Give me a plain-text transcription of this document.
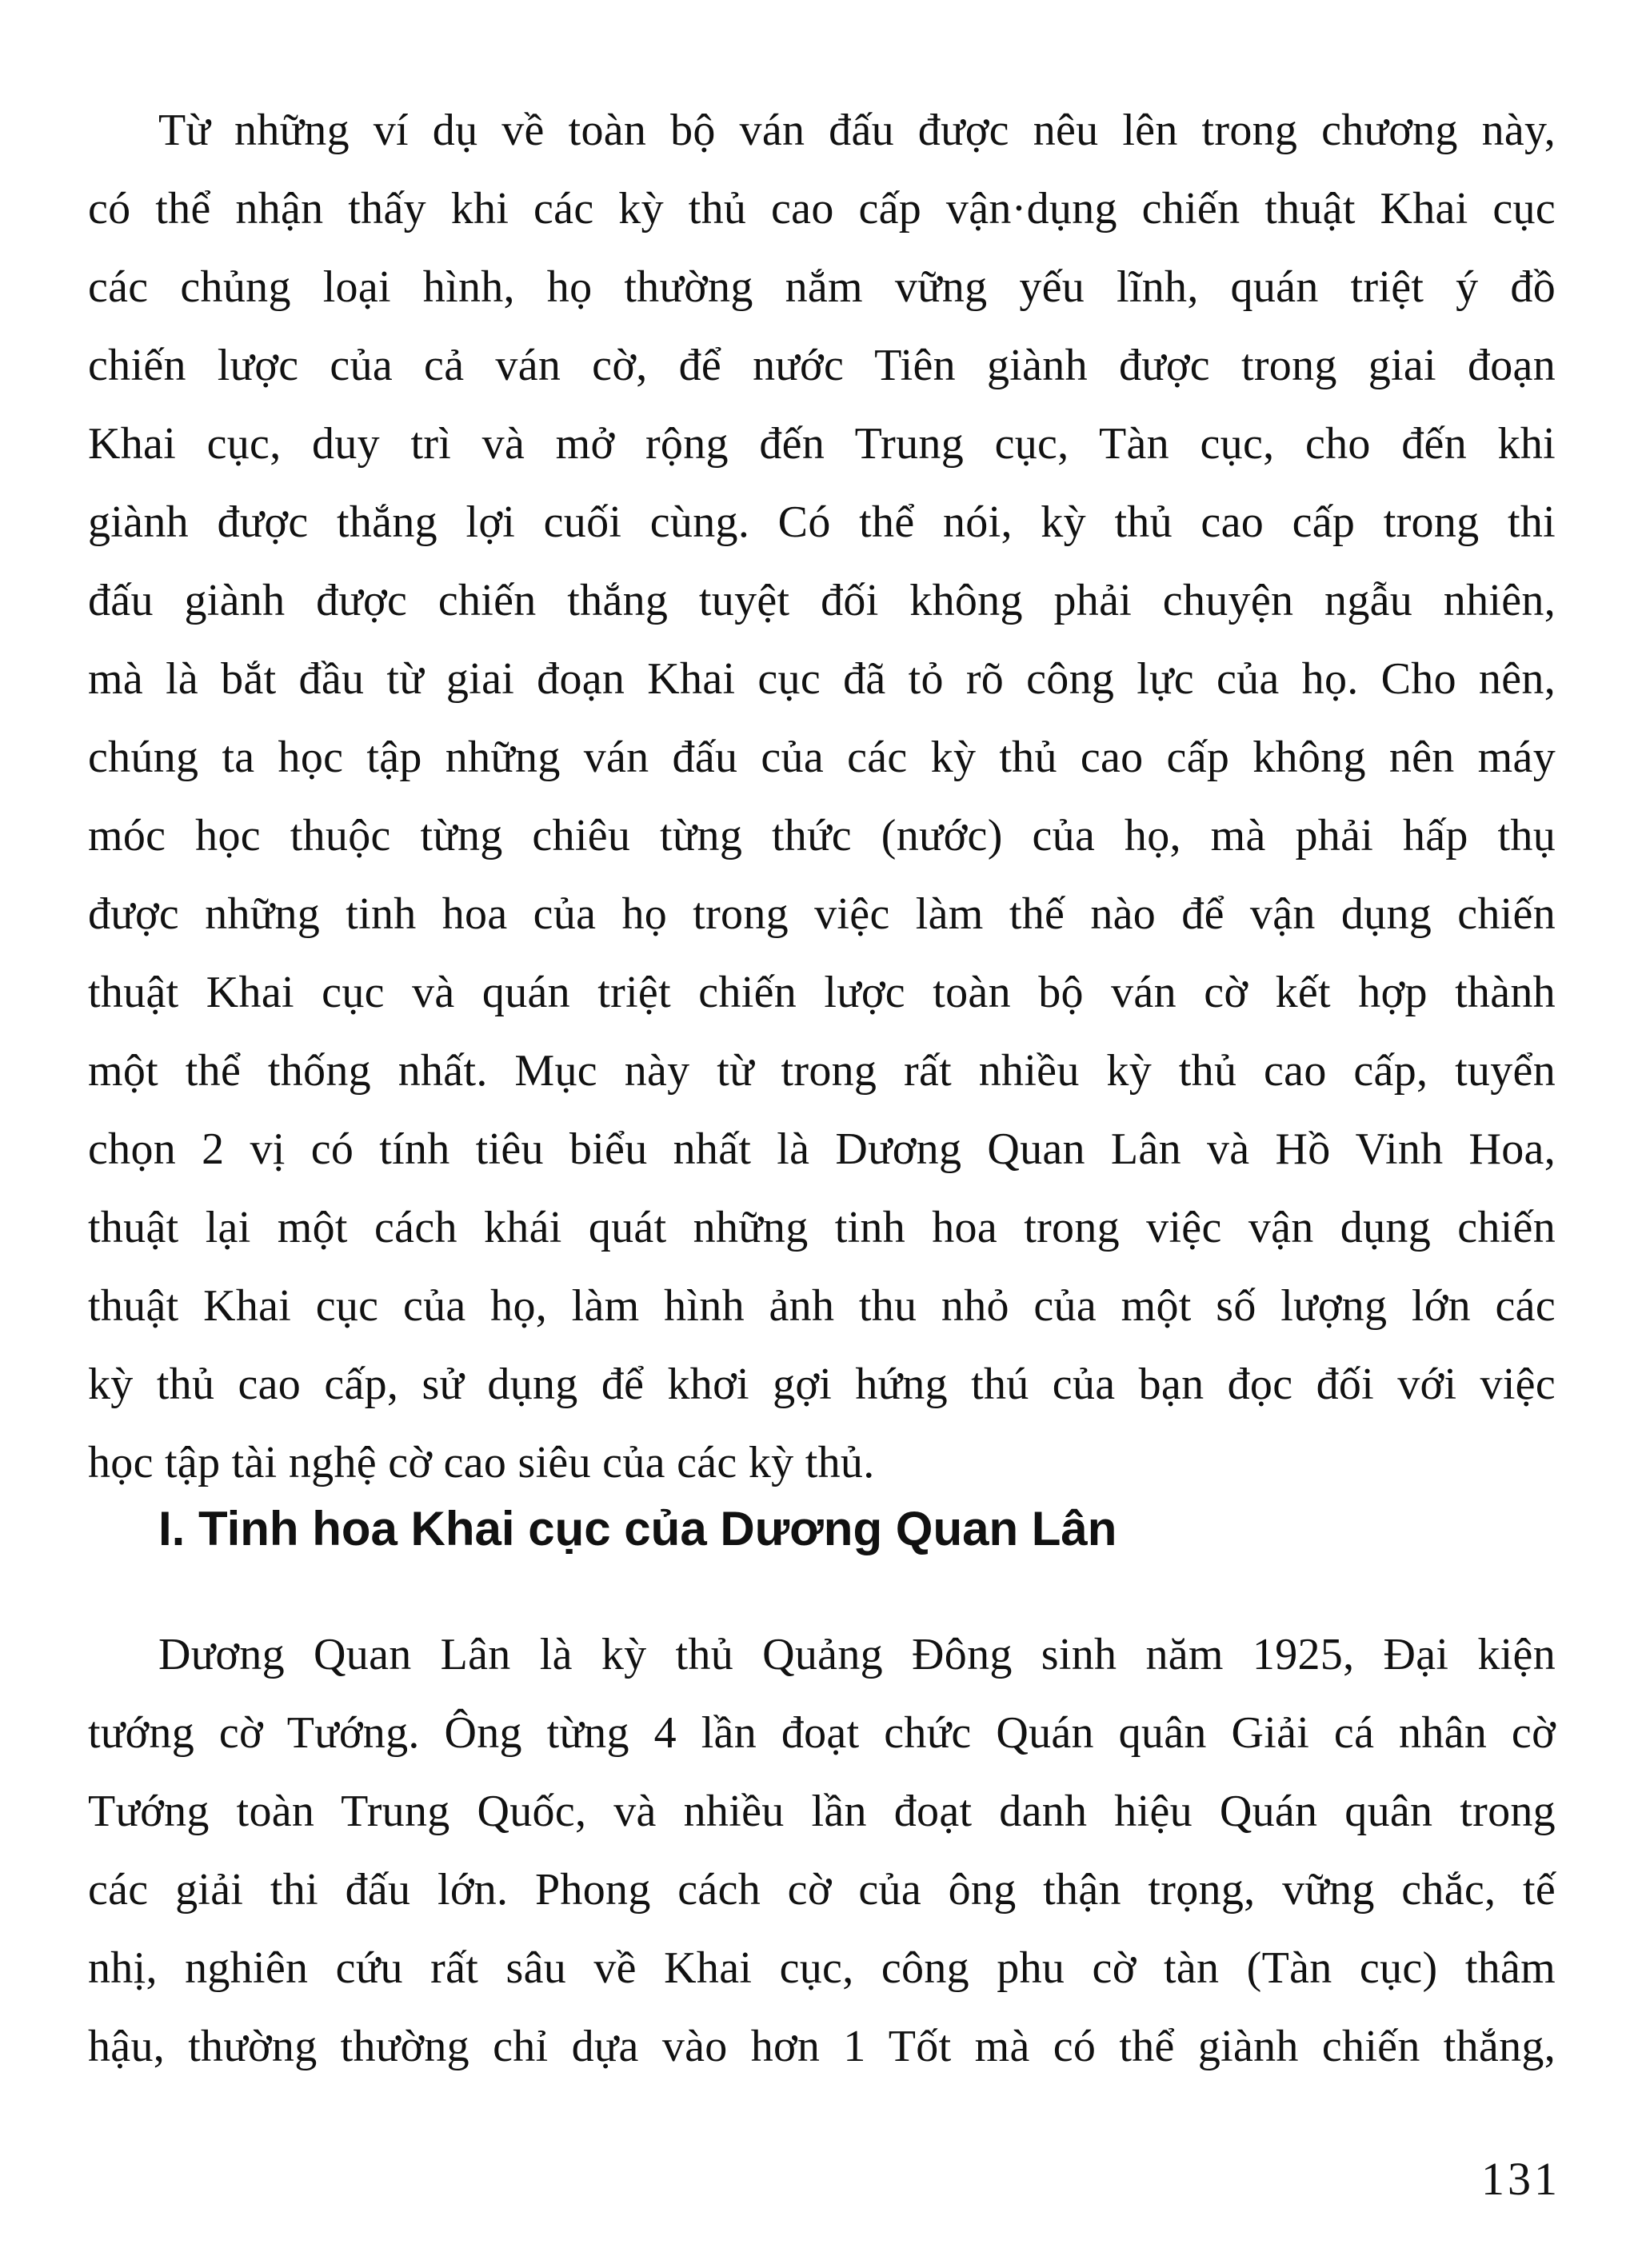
Từ những ví dụ về toàn bộ ván đấu được nêu lên trong chương này,
có thể nhận thấy khi các kỳ thủ cao cấp vận·dụng chiến thuật Khai cục
các chủng loại hình, họ thường nắm vững yếu lĩnh, quán triệt ý đồ
chiến lược của cả ván cờ, để nước Tiên giành được trong giai đoạn
Khai cục, duy trì và mở rộng đến Trung cục, Tàn cục, cho đến khi
giành được thắng lợi cuối cùng. Có thể nói, kỳ thủ cao cấp trong thi
đấu giành được chiến thắng tuyệt đối không phải chuyện ngẫu nhiên,
mà là bắt đầu từ giai đoạn Khai cục đã tỏ rõ công lực của họ. Cho nên,
chúng ta học tập những ván đấu của các kỳ thủ cao cấp không nên máy
móc học thuộc từng chiêu từng thức (nước) của họ, mà phải hấp thụ
được những tinh hoa của họ trong việc làm thế nào để vận dụng chiến
thuật Khai cục và quán triệt chiến lược toàn bộ ván cờ kết hợp thành
một thể thống nhất. Mục này từ trong rất nhiều kỳ thủ cao cấp, tuyển
chọn 2 vị có tính tiêu biểu nhất là Dương Quan Lân và Hồ Vinh Hoa,
thuật lại một cách khái quát những tinh hoa trong việc vận dụng chiến
thuật Khai cục của họ, làm hình ảnh thu nhỏ của một số lượng lớn các
kỳ thủ cao cấp, sử dụng để khơi gợi hứng thú của bạn đọc đối với việc
học tập tài nghệ cờ cao siêu của các kỳ thủ.
I. Tinh hoa Khai cục của Dương Quan Lân
Dương Quan Lân là kỳ thủ Quảng Đông sinh năm 1925, Đại kiện
tướng cờ Tướng. Ông từng 4 lần đoạt chức Quán quân Giải cá nhân cờ
Tướng toàn Trung Quốc, và nhiều lần đoạt danh hiệu Quán quân trong
các giải thi đấu lớn. Phong cách cờ của ông thận trọng, vững chắc, tế
nhị, nghiên cứu rất sâu về Khai cục, công phu cờ tàn (Tàn cục) thâm
hậu, thường thường chỉ dựa vào hơn 1 Tốt mà có thể giành chiến thắng,
131
